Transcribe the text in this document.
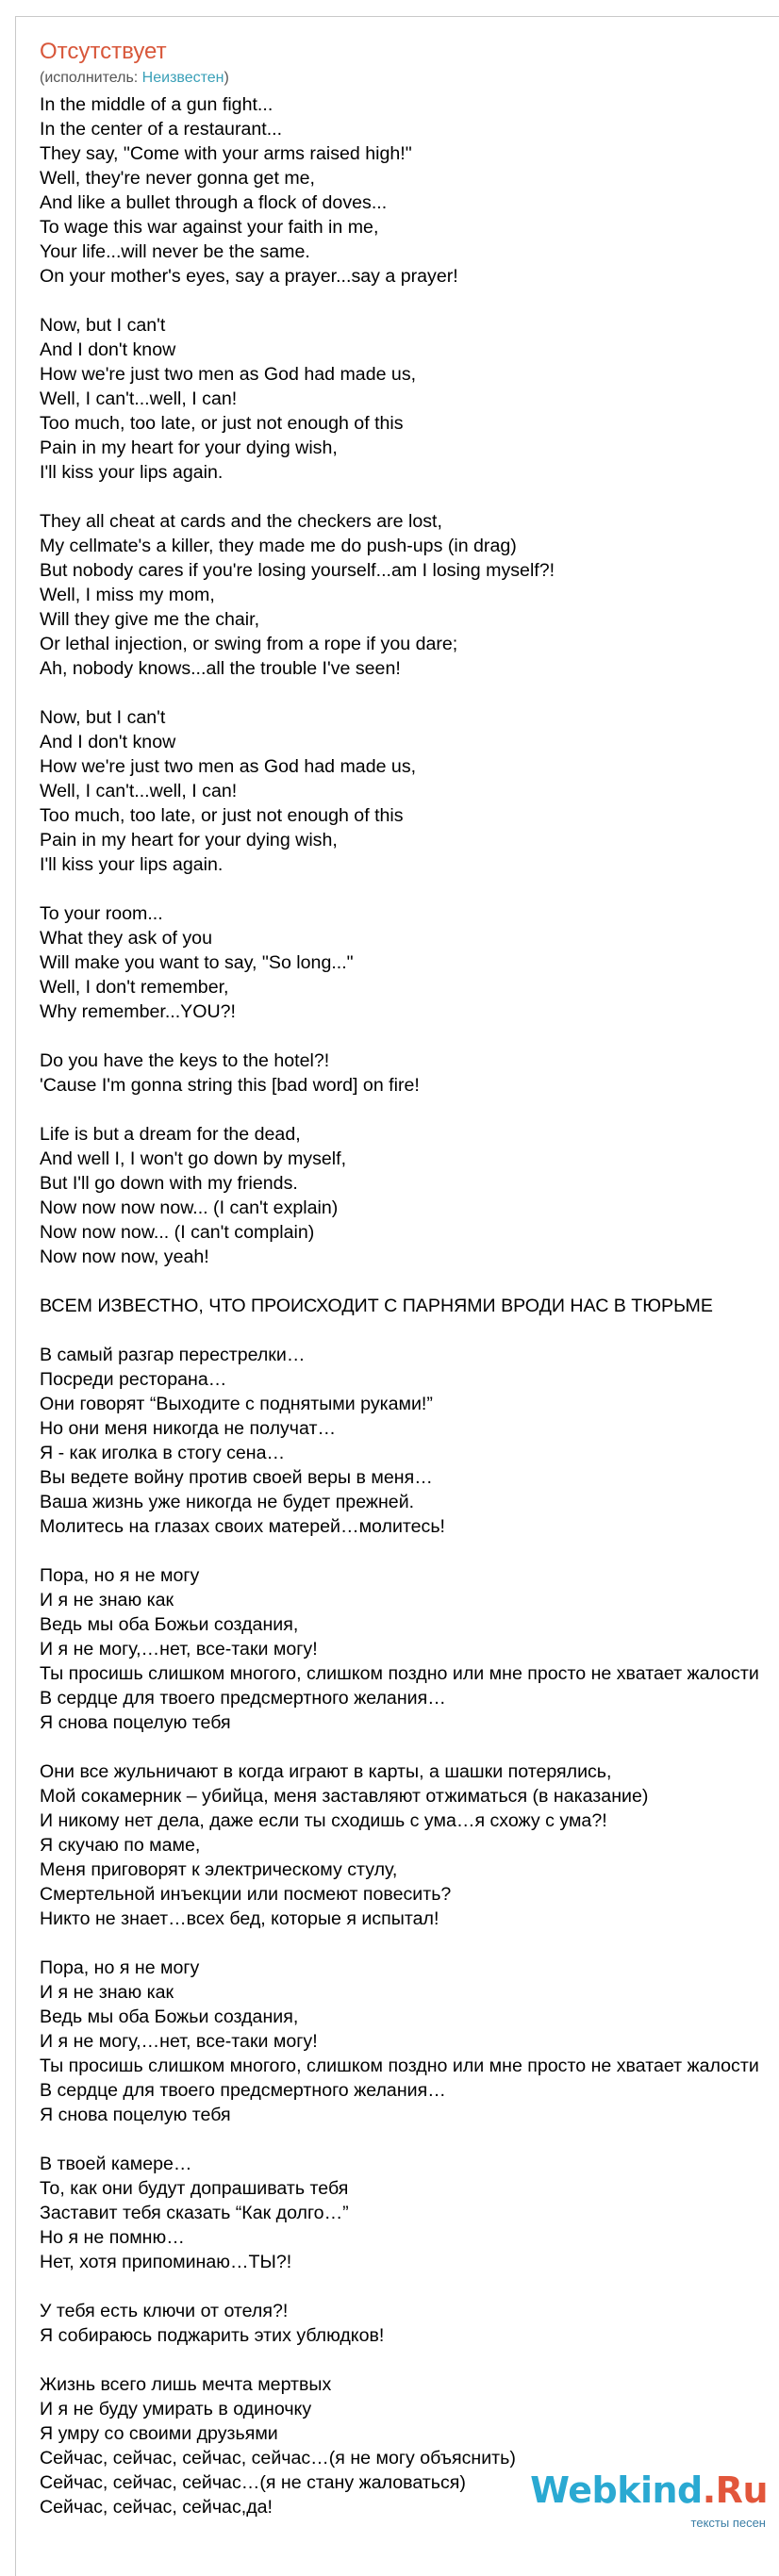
Отсутствует
(исполнитель: Неизвестен)
In the middle of a gun fight...
In the center of a restaurant...
They say, "Come with your arms raised high!"
Well, they're never gonna get me,
And like a bullet through a flock of doves...
To wage this war against your faith in me,
Your life...will never be the same.
On your mother's eyes, say a prayer...say a prayer!
Now, but I can't
And I don't know
How we're just two men as God had made us,
Well, I can't...well, I can!
Too much, too late, or just not enough of this
Pain in my heart for your dying wish,
I'll kiss your lips again.
They all cheat at cards and the checkers are lost,
My cellmate's a killer, they made me do push-ups (in drag)
But nobody cares if you're losing yourself...am I losing myself?!
Well, I miss my mom,
Will they give me the chair,
Or lethal injection, or swing from a rope if you dare;
Ah, nobody knows...all the trouble I've seen!
Now, but I can't
And I don't know
How we're just two men as God had made us,
Well, I can't...well, I can!
Too much, too late, or just not enough of this
Pain in my heart for your dying wish,
I'll kiss your lips again.
To your room...
What they ask of you
Will make you want to say, "So long..."
Well, I don't remember,
Why remember...YOU?!
Do you have the keys to the hotel?!
'Cause I'm gonna string this [bad word] on fire!
Life is but a dream for the dead,
And well I, I won't go down by myself,
But I'll go down with my friends.
Now now now now... (I can't explain)
Now now now... (I can't complain)
Now now now, yeah!
ВСЕМ ИЗВЕСТНО, ЧТО ПРОИСХОДИТ С ПАРНЯМИ ВРОДИ НАС В ТЮРЬМЕ
В самый разгар перестрелки…
Посреди ресторана…
Они говорят “Выходите с поднятыми руками!”
Но они меня никогда не получат…
Я - как иголка в стогу сена…
Вы ведете войну против своей веры в меня…
Ваша жизнь уже никогда не будет прежней.
Молитесь на глазах своих матерей…молитесь!
Пора, но я не могу
И я не знаю как
Ведь мы оба Божьи создания,
И я не могу,…нет, все-таки могу!
Ты просишь слишком многого, слишком поздно или мне просто не хватает жалости
В сердце для твоего предсмертного желания…
Я снова поцелую тебя
Они все жульничают в когда играют в карты, а шашки потерялись,
Мой сокамерник – убийца, меня заставляют отжиматься (в наказание)
И никому нет дела, даже если ты сходишь с ума…я схожу с ума?!
Я скучаю по маме,
Меня приговорят к электрическому стулу,
Смертельной инъекции или посмеют повесить?
Никто не знает…всех бед, которые я испытал!
Пора, но я не могу
И я не знаю как
Ведь мы оба Божьи создания,
И я не могу,…нет, все-таки могу!
Ты просишь слишком многого, слишком поздно или мне просто не хватает жалости
В сердце для твоего предсмертного желания…
Я снова поцелую тебя
В твоей камере…
То, как они будут допрашивать тебя
Заставит тебя сказать “Как долго…”
Но я не помню…
Нет, хотя припоминаю…ТЫ?!
У тебя есть ключи от отеля?!
Я собираюсь поджарить этих ублюдков!
Жизнь всего лишь мечта мертвых
И я не буду умирать в одиночку
Я умру со своими друзьями
Сейчас, сейчас, сейчас, сейчас…(я не могу объяснить)
Сейчас, сейчас, сейчас…(я не стану жаловаться)
Сейчас, сейчас, сейчас,да!	Webkind.Ru
тексты песен
